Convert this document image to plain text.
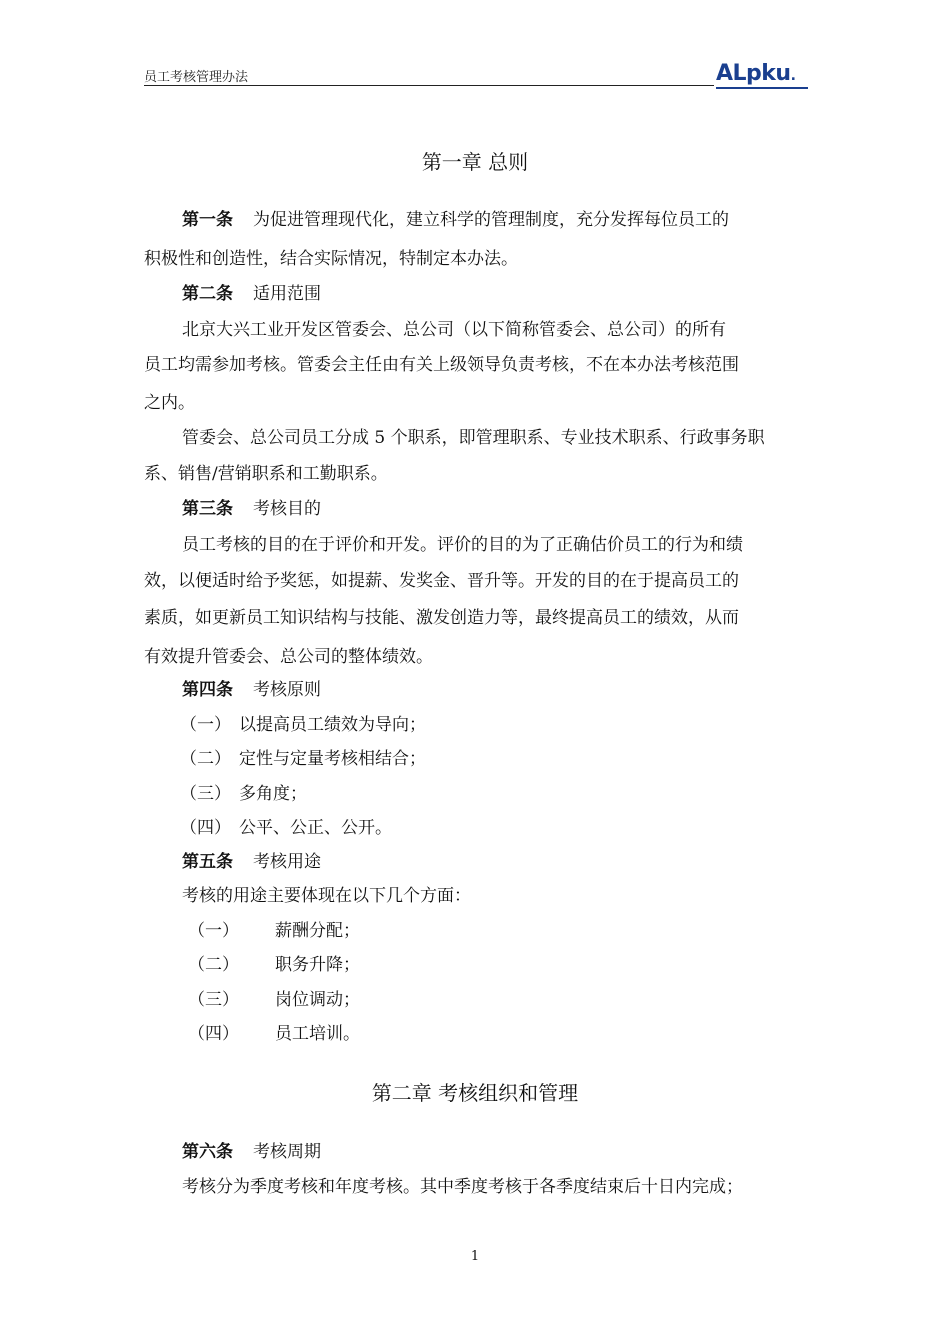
员工考核管理办法	ALpku.
第一章 总则
第一条 为促进管理现代化，建立科学的管理制度，充分发挥每位员工的
积极性和创造性，结合实际情况，特制定本办法。
第二条 适用范围
北京大兴工业开发区管委会、总公司（以下简称管委会、总公司）的所有
员工均需参加考核。管委会主任由有关上级领导负责考核，不在本办法考核范围
之内。
管委会、总公司员工分成 5 个职系，即管理职系、专业技术职系、行政事务职
系、销售/营销职系和工勤职系。
第三条 考核目的
员工考核的目的在于评价和开发。评价的目的为了正确估价员工的行为和绩
效，以便适时给予奖惩，如提薪、发奖金、晋升等。开发的目的在于提高员工的
素质，如更新员工知识结构与技能、激发创造力等，最终提高员工的绩效，从而
有效提升管委会、总公司的整体绩效。
第四条 考核原则
（一） 以提高员工绩效为导向；
（二） 定性与定量考核相结合；
（三） 多角度；
（四） 公平、公正、公开。
第五条 考核用途
考核的用途主要体现在以下几个方面：
（一） 薪酬分配；
（二） 职务升降；
（三） 岗位调动；
（四） 员工培训。
第二章 考核组织和管理
第六条 考核周期
考核分为季度考核和年度考核。其中季度考核于各季度结束后十日内完成；
1
